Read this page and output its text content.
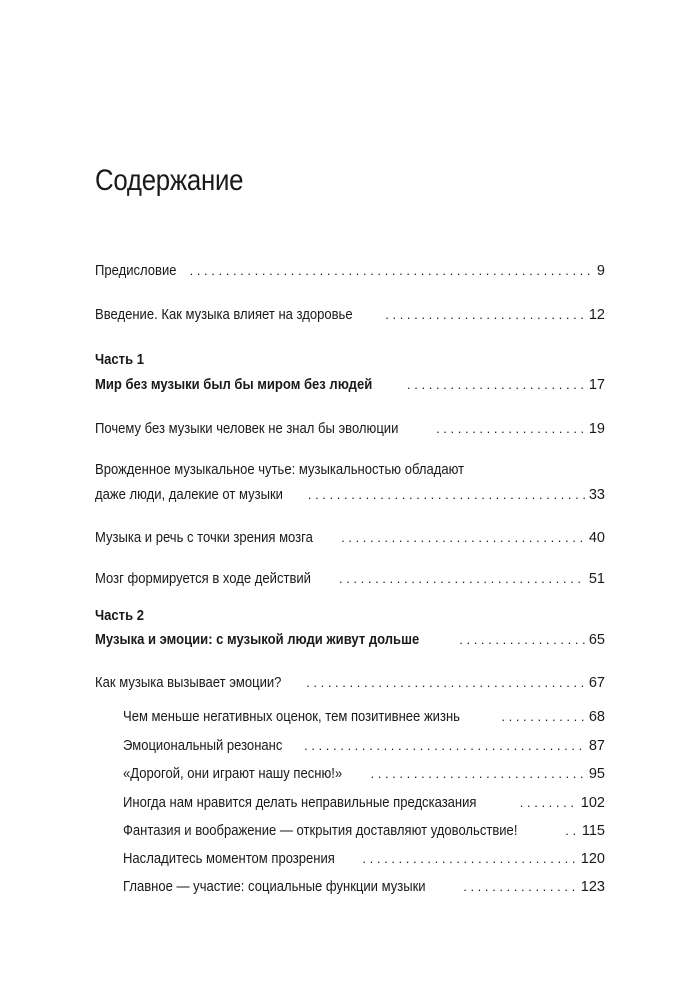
Содержание
Предисловие . . .	9
Введение. Как музыка влияет на здоровье . . .	12
Часть 1
Мир без музыки был бы миром без людей . . .	17
Почему без музыки человек не знал бы эволюции . . .	19
Врожденное музыкальное чутье: музыкальностью обладают
даже люди, далекие от музыки . . .	33
Музыка и речь с точки зрения мозга . . .	40
Мозг формируется в ходе действий . . .	51
Часть 2
Музыка и эмоции: с музыкой люди живут дольше . . .	65
Как музыка вызывает эмоции? . . .	67
Чем меньше негативных оценок, тем позитивнее жизнь . . .	68
Эмоциональный резонанс . . .	87
«Дорогой, они играют нашу песню!» . . .	95
Иногда нам нравится делать неправильные предсказания . . .	102
Фантазия и воображение — открытия доставляют удовольствие! . . .	115
Насладитесь моментом прозрения . . .	120
Главное — участие: социальные функции музыки . . .	123
